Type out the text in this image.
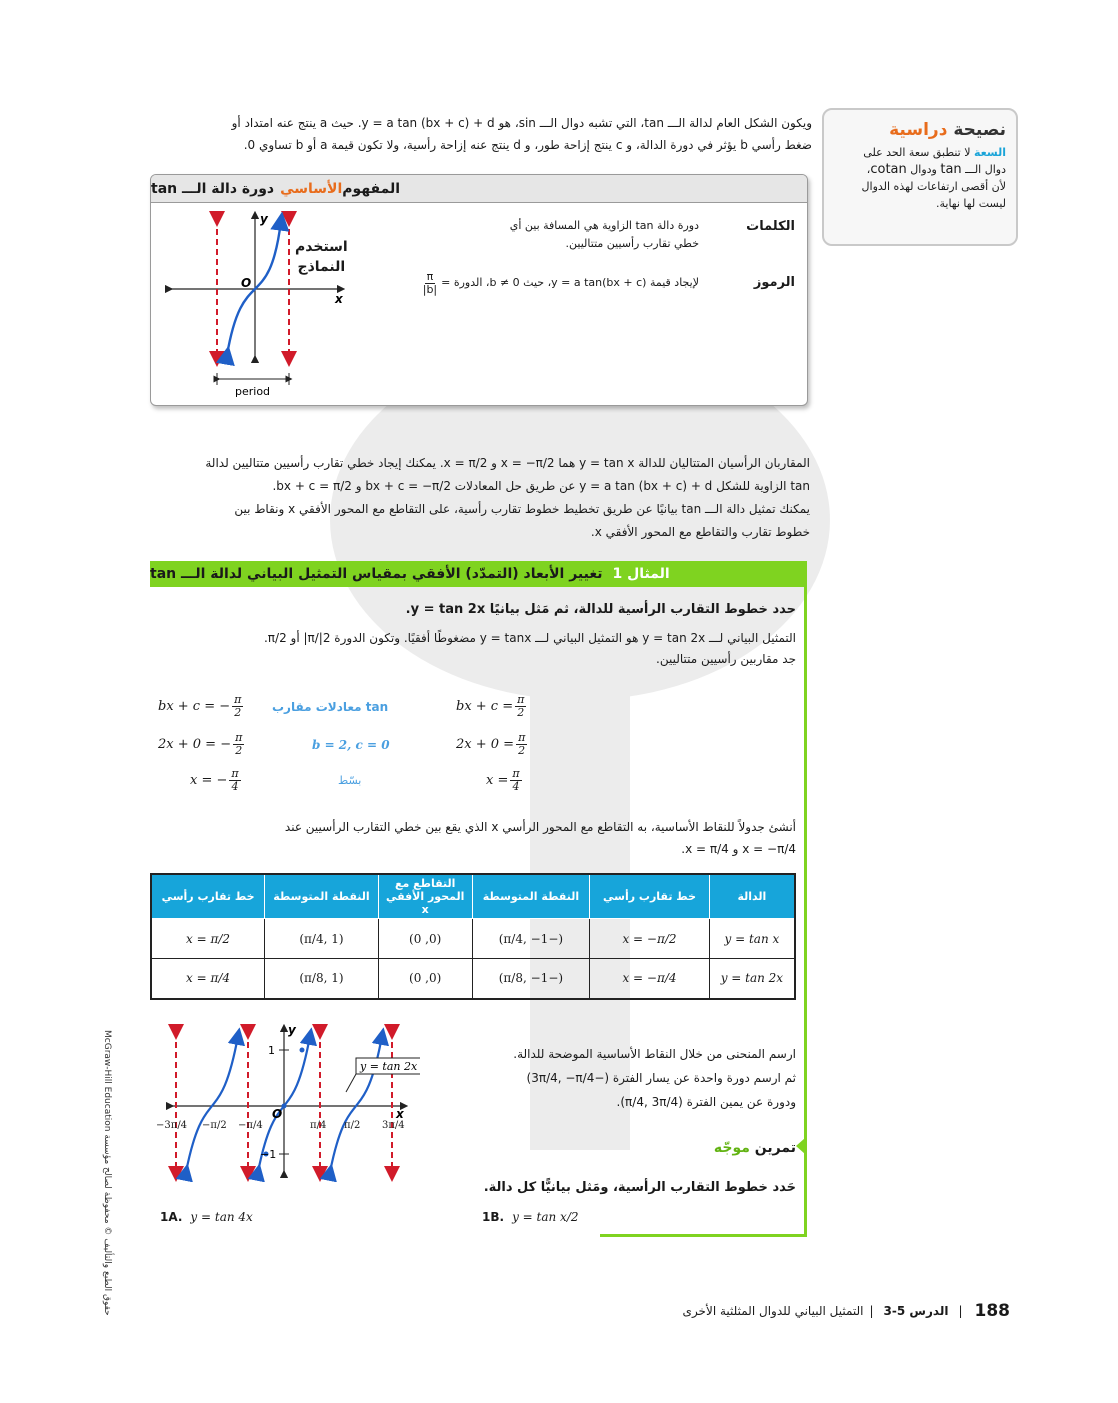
نصيحة دراسية
السعة لا تنطبق سعة الحد على
دوال الـــ tan ودوال cotan،
لأن أقصى ارتفاعات لهذه الدوال
ليست لها نهاية.
ويكون الشكل العام لدالة الـــ tan، التي تشبه دوال الـــ sin، هو y = a tan (bx + c) + d. حيث a ينتج عنه امتداد أو
ضغط رأسي b يؤثر في دورة الدالة، و c ينتج إزاحة طور، و d ينتج عنه إزاحة رأسية، ولا تكون قيمة a أو b تساوي 0.
المفهوم
الأساسي
دورة دالة الـــ tan
الكلمات
دورة دالة tan الزاوية هي المسافة بين أي خطي تقارب رأسيين متتاليين.
الرموز
لإيجاد قيمة y = a tan(bx + c)، حيث b ≠ 0، الدورة =
$\frac{\pi}{|b|}$
استخدم
النماذج
x
y
O
period
المقاربان الرأسيان المتتاليان للدالة y = tan x هما x = −π/2 و x = π/2. يمكنك إيجاد خطي تقارب رأسيين متتاليين لدالة
tan الزاوية للشكل y = a tan (bx + c) + d عن طريق حل المعادلات bx + c = −π/2 و bx + c = π/2.
يمكنك تمثيل دالة الـــ tan بيانيًا عن طريق تخطيط خطوط تقارب رأسية، على التقاطع مع المحور الأفقي x ونقاط بين
خطوط تقارب والتقاطع مع المحور الأفقي x.
المثال 1
تغيير الأبعاد (التمدّد) الأفقي بمقياس التمثيل البياني لدالة الـــ tan
حدد خطوط التقارب الرأسية للدالة، ثم مَثل بيانيًا y = tan 2x.
التمثيل البياني لـــ y = tan 2x هو التمثيل البياني لـــ y = tanx مضغوطًا أفقيًا. وتكون الدورة π/|2| أو π/2.
جد مقاربين رأسيين متتاليين.
bx + $c = \frac{\pi}{2}$
$2x + 0 = \frac{\pi}{2}$
$x = \frac{\pi}{4}$
معادلات مقارب tan
b = 2, c = 0
بسّط
bx + c = − $\frac{\pi}{2}$
2x + 0 = − $\frac{\pi}{2}$
x = − $\frac{\pi}{4}$
أنشئ جدولاً للنقاط الأساسية، به التقاطع مع المحور الرأسي x الذي يقع بين خطي التقارب الرأسيين عند
x = −π/4 و x = π/4.
الدالة	خط تقارب رأسي	النقطة المتوسطة	التقاطع مع المحور الأفقي x	النقطة المتوسطة	خط تقارب رأسي
y = tan x	x = −π/2	(−π/4, −1)	(0, 0)	(π/4, 1)	x = π/2
y = tan 2x	x = −π/4	(−π/8, −1)	(0, 0)	(π/8, 1)	x = π/4
1
−1
y
x
O
y = tan 2x
−3π/4 −π/2 −π/4	π/4 π/2 3π/4
ارسم المنحنى من خلال النقاط الأساسية الموضحة للدالة.
ثم ارسم دورة واحدة عن يسار الفترة (−3π/4, −π/4)
ودورة عن يمين الفترة (π/4, 3π/4).
تمرين موجّه
حَدد خطوط التقارب الرأسية، ومَثل بيانيًّا كل دالة.
1A. y = tan 4x	1B. y = tan x/2
McGraw-Hill Education حقوق الطبع والتأليف © محفوظة لصالح مؤسسة	التمثيل البياني للدوال المثلثية الأخرى | الدرس 5-3 | 188
